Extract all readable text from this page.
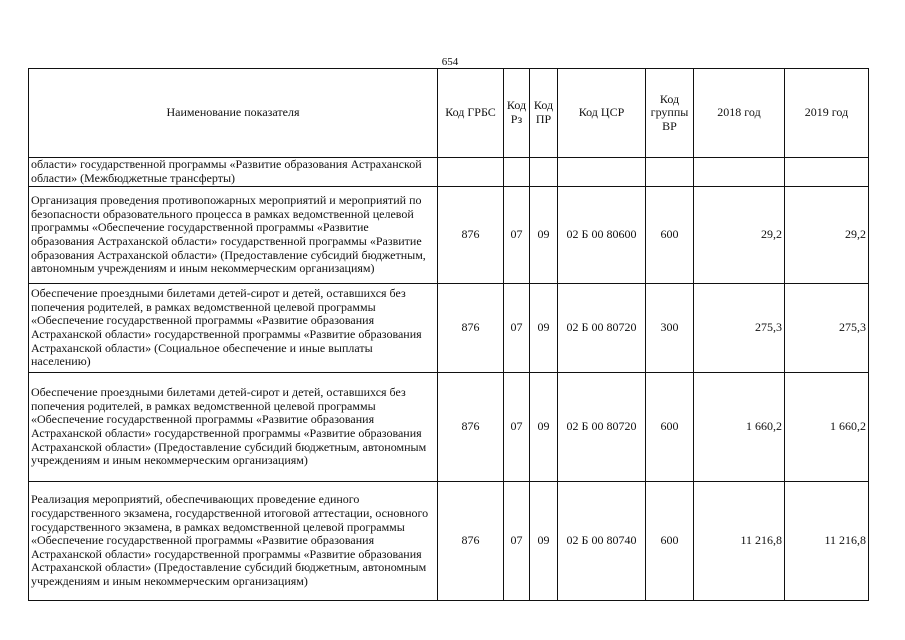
654
Наименование показателя	Код ГРБС	Код Рз	Код ПР	Код ЦСР	Код группы ВР	2018 год	2019 год
области» государственной программы «Развитие образования Астраханской области» (Межбюджетные трансферты)							
Организация проведения противопожарных мероприятий и мероприятий по безопасности образовательного процесса в рамках ведомственной целевой программы «Обеспечение государственной программы «Развитие образования Астраханской области» государственной программы «Развитие образования Астраханской области» (Предоставление субсидий бюджетным, автономным учреждениям и иным некоммерческим организациям)	876	07	09	02 Б 00 80600	600	29,2	29,2
Обеспечение проездными билетами детей-сирот и детей, оставшихся без попечения родителей, в рамках ведомственной целевой программы «Обеспечение государственной программы «Развитие образования Астраханской области» государственной программы «Развитие образования Астраханской области» (Социальное обеспечение и иные выплаты населению)	876	07	09	02 Б 00 80720	300	275,3	275,3
Обеспечение проездными билетами детей-сирот и детей, оставшихся без попечения родителей, в рамках ведомственной целевой программы «Обеспечение государственной программы «Развитие образования Астраханской области» государственной программы «Развитие образования Астраханской области» (Предоставление субсидий бюджетным, автономным учреждениям и иным некоммерческим организациям)	876	07	09	02 Б 00 80720	600	1 660,2	1 660,2
Реализация мероприятий, обеспечивающих проведение единого государственного экзамена, государственной итоговой аттестации, основного государственного экзамена, в рамках ведомственной целевой программы «Обеспечение государственной программы «Развитие образования Астраханской области» государственной программы «Развитие образования Астраханской области» (Предоставление субсидий бюджетным, автономным учреждениям и иным некоммерческим организациям)	876	07	09	02 Б 00 80740	600	11 216,8	11 216,8
